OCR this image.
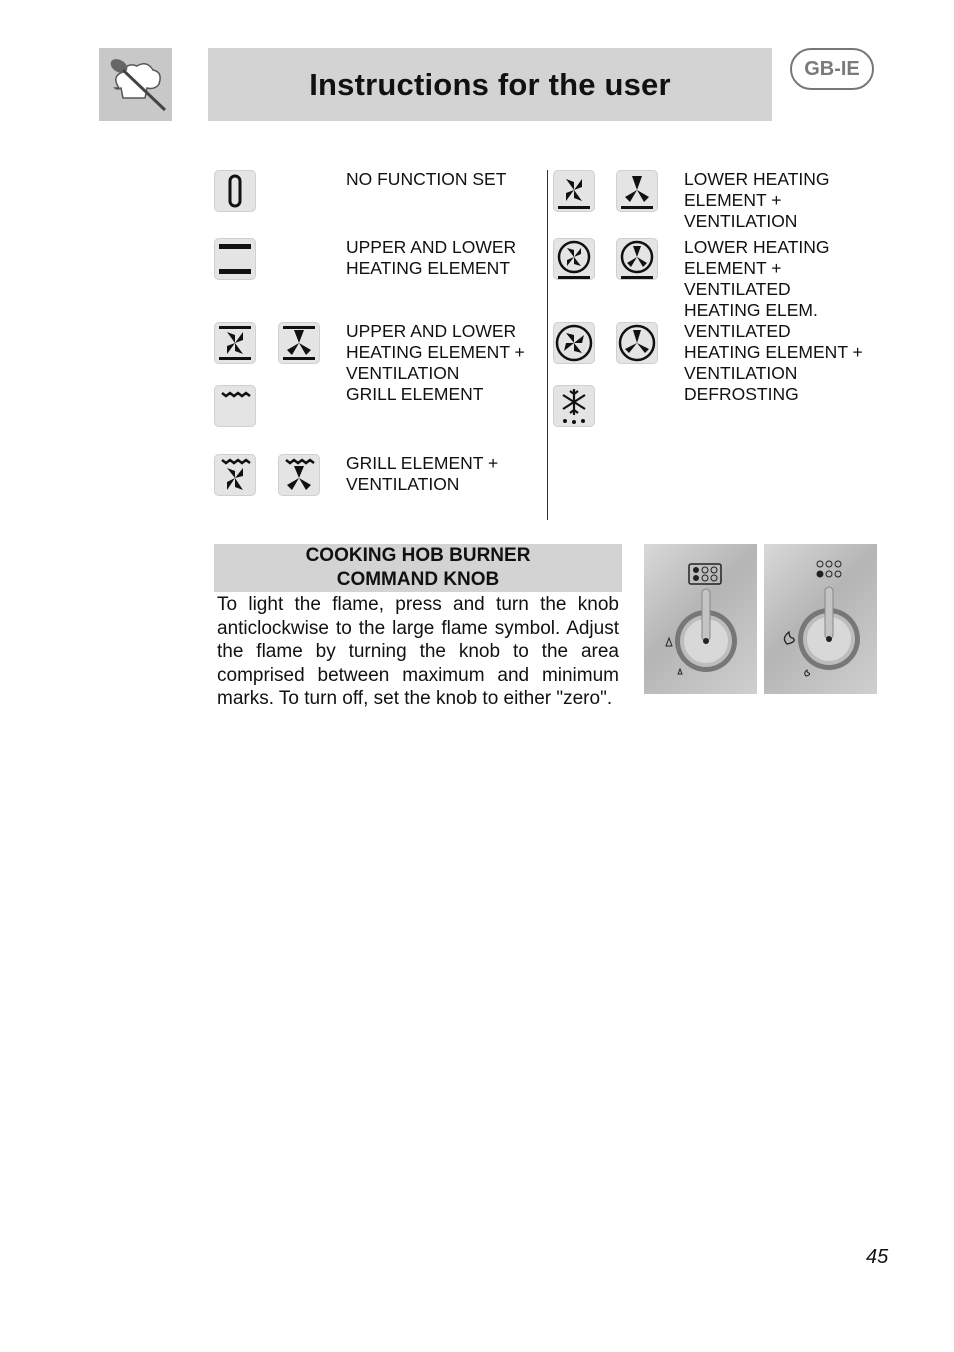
Instructions for the user	GB-IE
NO FUNCTION SET
UPPER AND LOWER
HEATING ELEMENT
UPPER AND LOWER
HEATING ELEMENT +
VENTILATION
GRILL ELEMENT
GRILL ELEMENT +
VENTILATION
LOWER HEATING
ELEMENT +
VENTILATION
LOWER HEATING
ELEMENT +
VENTILATED
HEATING ELEM.
VENTILATED
HEATING ELEMENT +
VENTILATION
DEFROSTING
COOKING HOB BURNER
COMMAND KNOB
To light the flame, press and turn the knob anticlockwise to the large flame symbol. Adjust the flame by turning the knob to the area comprised between maximum and minimum marks. To turn off, set the knob to either "zero".
45
